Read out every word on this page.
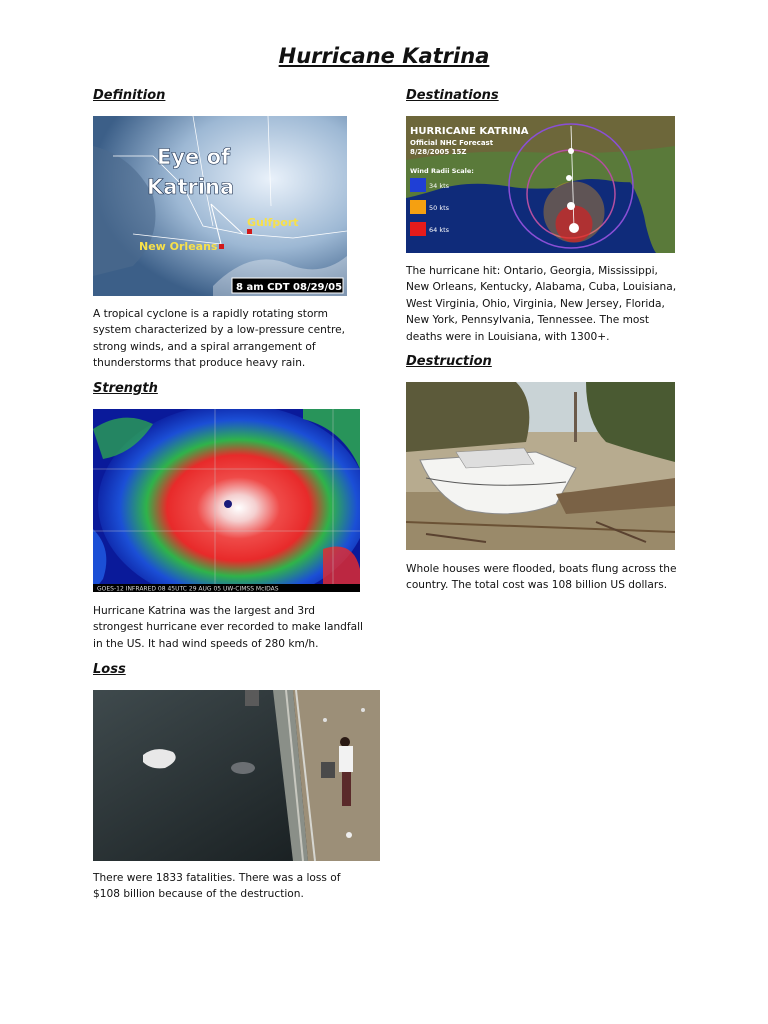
Hurricane Katrina
Definition
Eye of
Katrina
Gulfport
New Orleans
8 am CDT 08/29/05
A tropical cyclone is a rapidly rotating storm
system characterized by a low-pressure centre,
strong winds, and a spiral arrangement of
thunderstorms that produce heavy rain.
Strength
GOES-12 INFRARED 08 45UTC 29 AUG 05 UW-CIMSS McIDAS
Hurricane Katrina was the largest and 3rd
strongest hurricane ever recorded to make landfall
in the US. It had wind speeds of 280 km/h.
Loss
There were 1833 fatalities. There was a loss of
$108 billion because of the destruction.
Destinations
HURRICANE KATRINA
Official NHC Forecast
8/28/2005 15Z
Wind Radii Scale:
34 kts
50 kts
64 kts
The hurricane hit: Ontario, Georgia, Mississippi,
New Orleans, Kentucky, Alabama, Cuba, Louisiana,
West Virginia, Ohio, Virginia, New Jersey, Florida,
New York, Pennsylvania, Tennessee. The most
deaths were in Louisiana, with 1300+.
Destruction
Whole houses were flooded, boats flung across the
country. The total cost was 108 billion US dollars.
